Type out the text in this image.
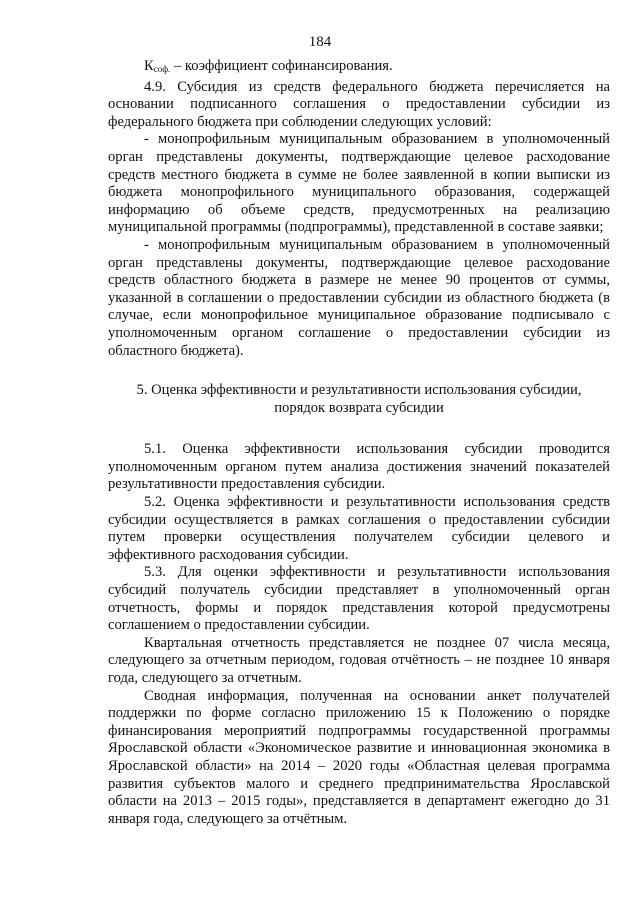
184

$К_{соф.}$ – коэффициент софинансирования.

4.9. Субсидия из средств федерального бюджета перечисляется на основании подписанного соглашения о предоставлении субсидии из федерального бюджета при соблюдении следующих условий:

- монопрофильным муниципальным образованием в уполномоченный орган представлены документы, подтверждающие целевое расходование средств местного бюджета в сумме не более заявленной в копии выписки из бюджета монопрофильного муниципального образования, содержащей информацию об объеме средств, предусмотренных на реализацию муниципальной программы (подпрограммы), представленной в составе заявки;

- монопрофильным муниципальным образованием в уполномоченный орган представлены документы, подтверждающие целевое расходование средств областного бюджета в размере не менее 90 процентов от суммы, указанной в соглашении о предоставлении субсидии из областного бюджета (в случае, если монопрофильное муниципальное образование подписывало с уполномоченным органом соглашение о предоставлении субсидии из областного бюджета).

5. Оценка эффективности и результативности использования субсидии,

порядок возврата субсидии

5.1. Оценка эффективности использования субсидии проводится уполномоченным органом путем анализа достижения значений показателей результативности предоставления субсидии.

5.2. Оценка эффективности и результативности использования средств субсидии осуществляется в рамках соглашения о предоставлении субсидии путем проверки осуществления получателем субсидии целевого и эффективного расходования субсидии.

5.3. Для оценки эффективности и результативности использования субсидий получатель субсидии представляет в уполномоченный орган отчетность, формы и порядок представления которой предусмотрены соглашением о предоставлении субсидии.

Квартальная отчетность представляется не позднее 07 числа месяца, следующего за отчетным периодом, годовая отчётность – не позднее 10 января года, следующего за отчетным.

Сводная информация, полученная на основании анкет получателей поддержки по форме согласно приложению 15 к Положению о порядке финансирования мероприятий подпрограммы государственной программы Ярославской области «Экономическое развитие и инновационная экономика в Ярославской области» на 2014 – 2020 годы «Областная целевая программа развития субъектов малого и среднего предпринимательства Ярославской области на 2013 – 2015 годы», представляется в департамент ежегодно до 31 января года, следующего за отчётным.
